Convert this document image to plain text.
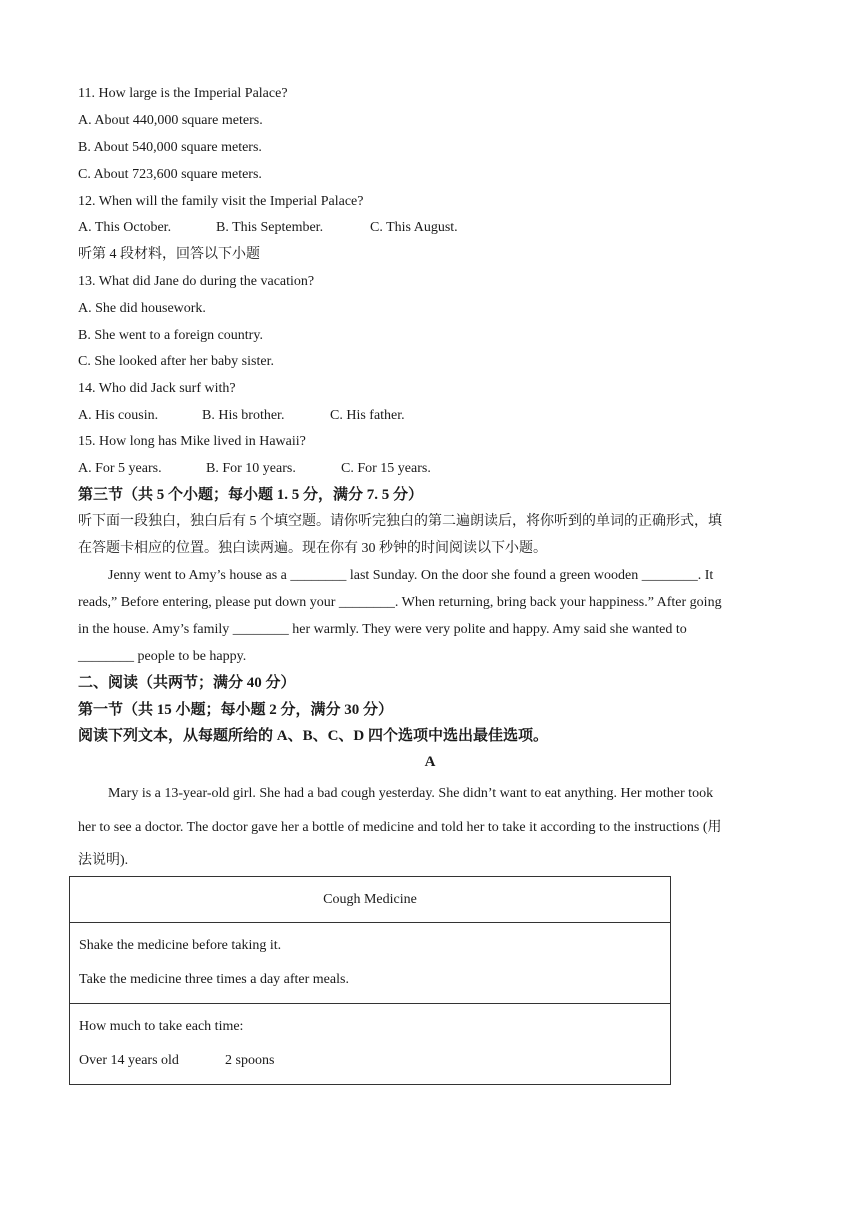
11. How large is the Imperial Palace?
A. About 440,000 square meters.
B. About 540,000 square meters.
C. About 723,600 square meters.
12. When will the family visit the Imperial Palace?
A. This October.	B. This September.	C. This August.
听第 4 段材料，回答以下小题
13. What did Jane do during the vacation?
A. She did housework.
B. She went to a foreign country.
C. She looked after her baby sister.
14. Who did Jack surf with?
A. His cousin.	B. His brother.	C. His father.
15. How long has Mike lived in Hawaii?
A. For 5 years.	B. For 10 years.	C. For 15 years.
第三节（共 5 个小题；每小题 1. 5 分，满分 7. 5 分）
听下面一段独白，独白后有 5 个填空题。请你听完独白的第二遍朗读后，将你听到的单词的正确形式，填
在答题卡相应的位置。独白读两遍。现在你有 30 秒钟的时间阅读以下小题。
Jenny went to Amy’s house as a ________ last Sunday. On the door she found a green wooden ________. It
reads,” Before entering, please put down your ________. When returning, bring back your happiness.” After going
in the house. Amy’s family ________ her warmly. They were very polite and happy. Amy said she wanted to
________ people to be happy.
二、阅读（共两节；满分 40 分）
第一节（共 15 小题；每小题 2 分，满分 30 分）
阅读下列文本，从每题所给的 A、B、C、D 四个选项中选出最佳选项。
A
Mary is a 13-year-old girl. She had a bad cough yesterday. She didn’t want to eat anything. Her mother took
her to see a doctor. The doctor gave her a bottle of medicine and told her to take it according to the instructions (用
法说明).
Cough Medicine

Shake the medicine before taking it.
Take the medicine three times a day after meals.

How much to take each time:
Over 14 years old	2 spoons
